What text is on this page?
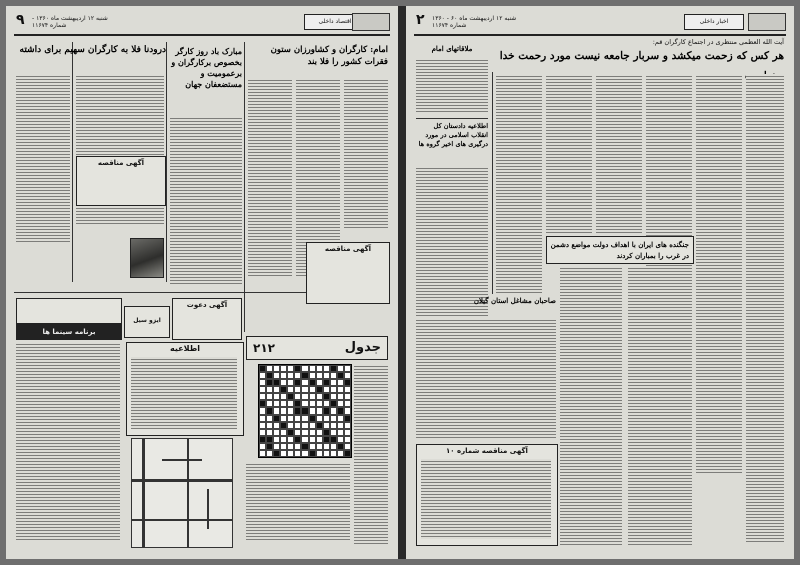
۹ شنبه ۱۲ اردیبهشت ماه ۱۳۶۰ - شماره ۱۱۶۷۴
اقتصاد داخلی
درودنا فلا به کارگران سهیم برای داشته
آگهی مناقصه
مبارک باد روز کارگر بخصوص برکارگران و برعمومیت و مستضعفان جهان
امام: کارگران و کشاورزان ستون فقرات کشور را فلا بند
آگهی مناقصه
برنامه سینما ها
ایزو سیل
آگهی دعوت
اطلاعیه	جدول
۲۱۲
۲ شنبه ۱۲ اردیبهشت ماه ۶۰ - ۱۳۶۰ شماره ۱۱۶۷۴
اخبار داخلی
آیت الله العظمی منتظری در اجتماع کارگران قم:
هر کس که زحمت میکشد و سربار جامعه نیست مورد رحمت خدا
ملاقاتهای امام
اطلاعیه دادستان کل انقلاب اسلامی در مورد درگیری های اخیر گروه ها
صاحبان مشاغل استان گیلان
جنگنده های ایران با اهداف دولت مواضع دشمن در غرب را بمباران کردند
آگهی مناقصه شماره ۱۰
